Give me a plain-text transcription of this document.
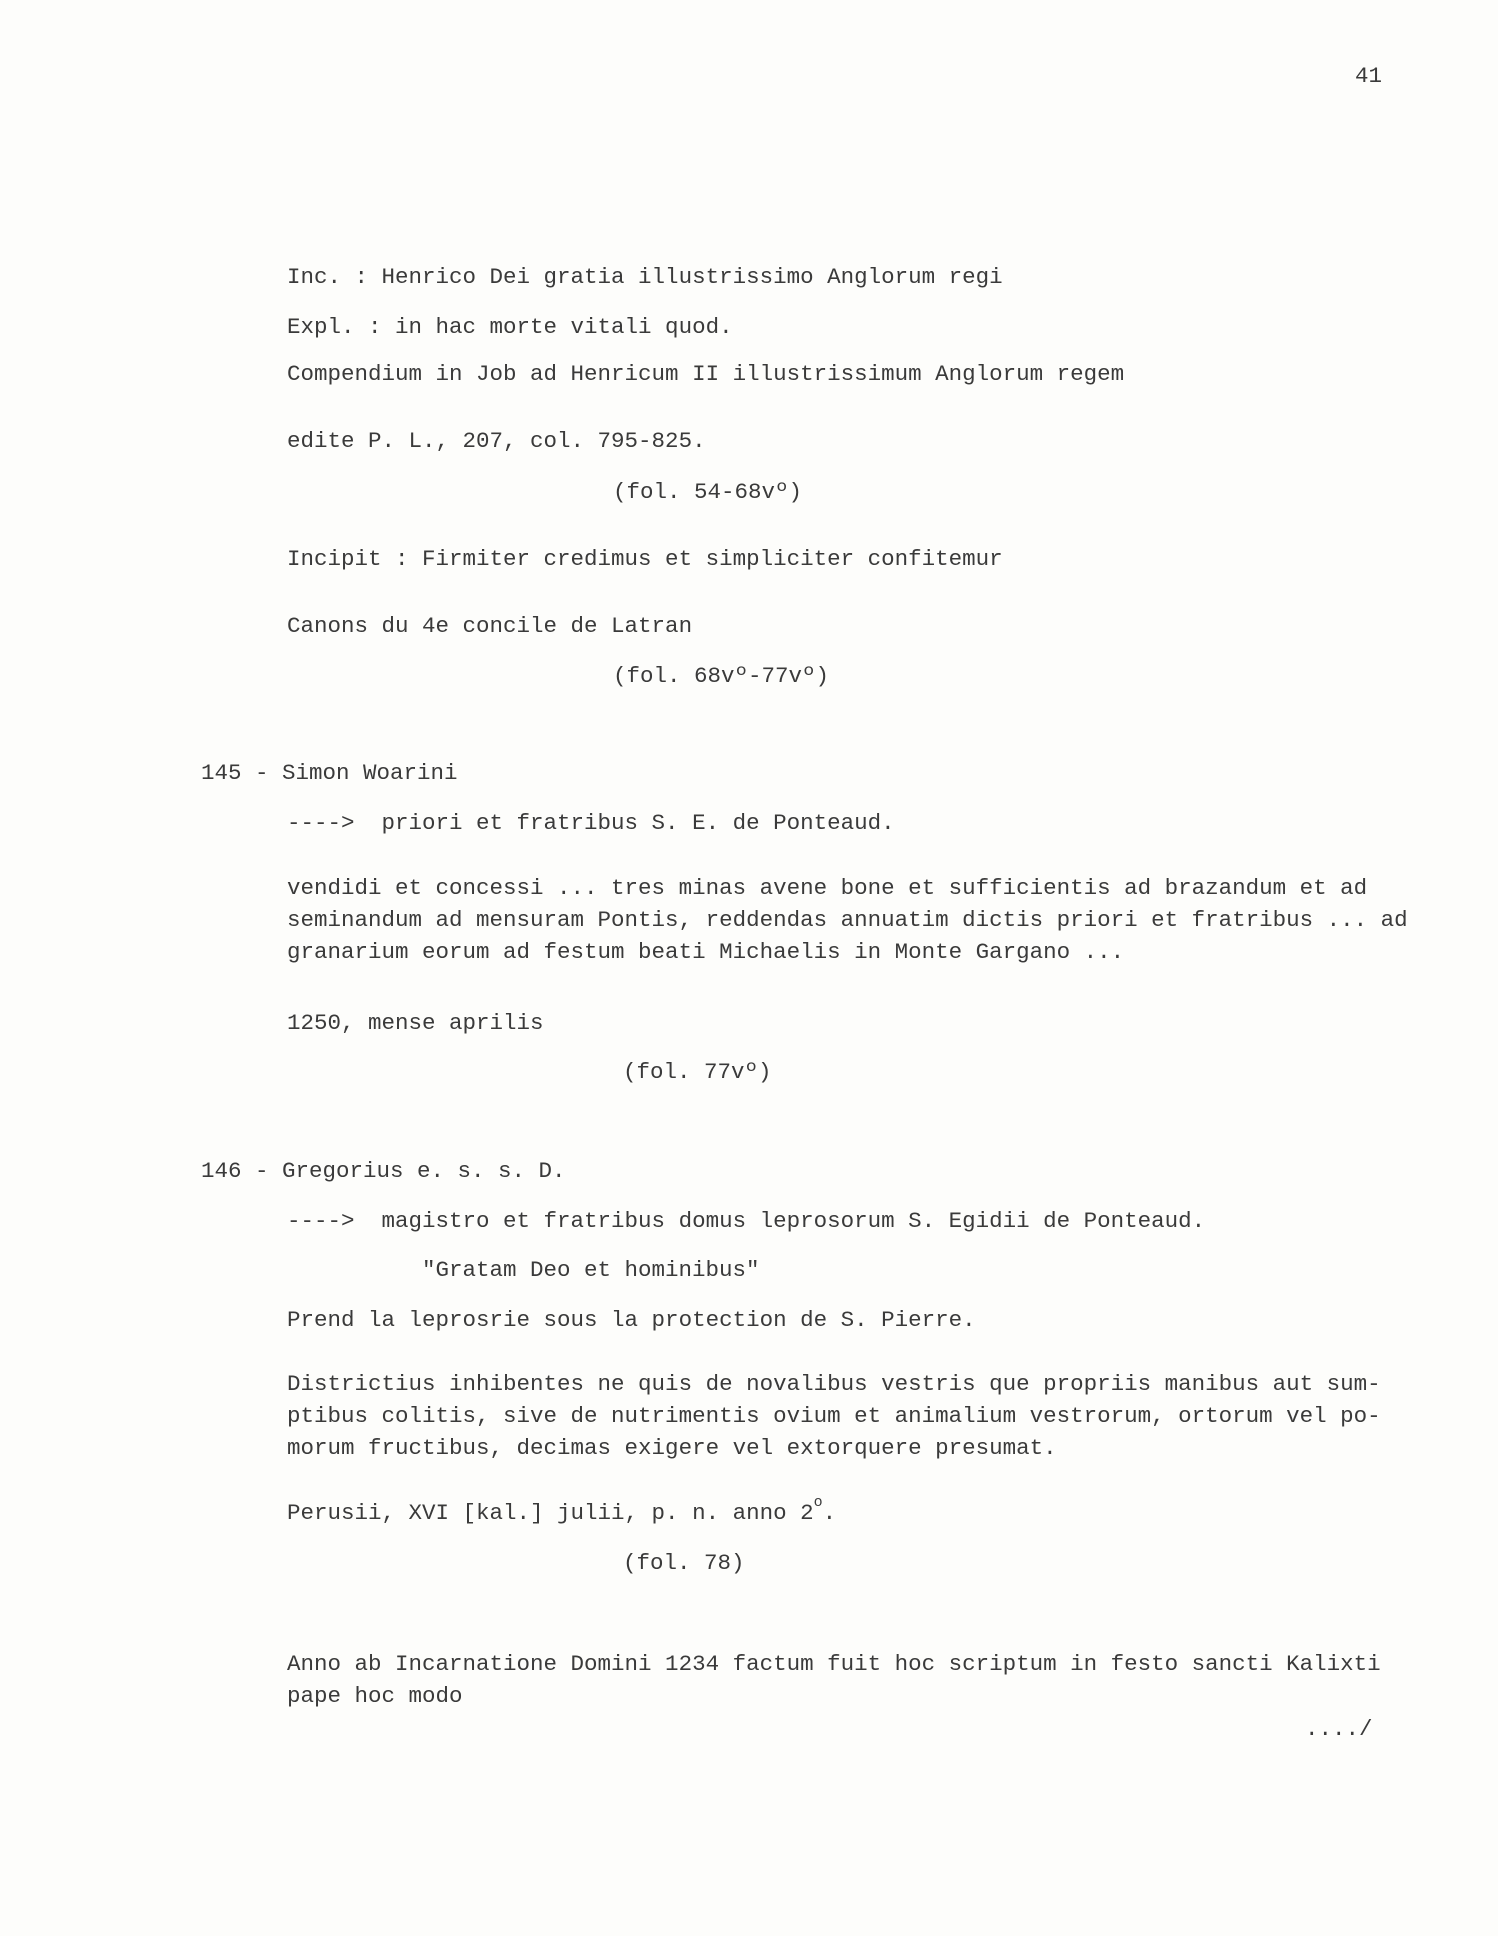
41

Inc. : Henrico Dei gratia illustrissimo Anglorum regi

Expl. : in hac morte vitali quod.

Compendium in Job ad Henricum II illustrissimum Anglorum regem

edite P. L., 207, col. 795-825.

(fol. 54-68vº)

Incipit : Firmiter credimus et simpliciter confitemur

Canons du 4e concile de Latran

(fol. 68vº-77vº)

145 - Simon Woarini

---->  priori et fratribus S. E. de Ponteaud.

vendidi et concessi ... tres minas avene bone et sufficientis ad brazandum et ad
seminandum ad mensuram Pontis, reddendas annuatim dictis priori et fratribus ... ad
granarium eorum ad festum beati Michaelis in Monte Gargano ...

1250, mense aprilis

(fol. 77vº)

146 - Gregorius e. s. s. D.

---->  magistro et fratribus domus leprosorum S. Egidii de Ponteaud.

"Gratam Deo et hominibus"

Prend la leprosrie sous la protection de S. Pierre.

Districtius inhibentes ne quis de novalibus vestris que propriis manibus aut sum-
ptibus colitis, sive de nutrimentis ovium et animalium vestrorum, ortorum vel po-
morum fructibus, decimas exigere vel extorquere presumat.

Perusii, XVI [kal.] julii, p. n. anno 2$^o$.

(fol. 78)

Anno ab Incarnatione Domini 1234 factum fuit hoc scriptum in festo sancti Kalixti
pape hoc modo

..../
